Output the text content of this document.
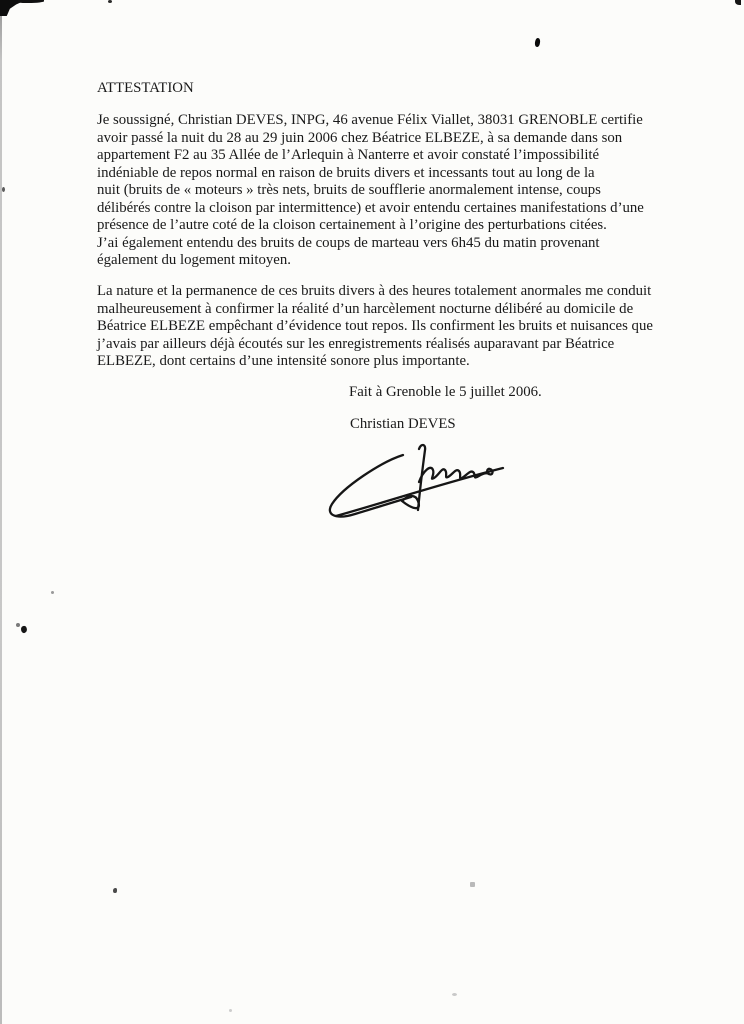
ATTESTATION
Je soussigné, Christian DEVES, INPG, 46 avenue Félix Viallet, 38031 GRENOBLE certifie
avoir passé la nuit du 28 au 29 juin 2006 chez Béatrice ELBEZE, à sa demande dans son
appartement F2 au 35 Allée de l’Arlequin à Nanterre et avoir constaté l’impossibilité
indéniable de repos normal en raison de bruits divers et incessants tout au long de la
nuit (bruits de « moteurs » très nets, bruits de soufflerie anormalement intense, coups
délibérés contre la cloison par intermittence) et avoir entendu certaines manifestations d’une
présence de l’autre coté de la cloison certainement à l’origine des perturbations citées.
J’ai également entendu des bruits de coups de marteau vers 6h45 du matin provenant
également du logement mitoyen.
La nature et la permanence de ces bruits divers à des heures totalement anormales me conduit
malheureusement à confirmer la réalité d’un harcèlement nocturne délibéré au domicile de
Béatrice ELBEZE empêchant d’évidence tout repos. Ils confirment les bruits et nuisances que
j’avais par ailleurs déjà écoutés sur les enregistrements réalisés auparavant par Béatrice
ELBEZE, dont certains d’une intensité sonore plus importante.
Fait à Grenoble le 5 juillet 2006.
Christian DEVES
